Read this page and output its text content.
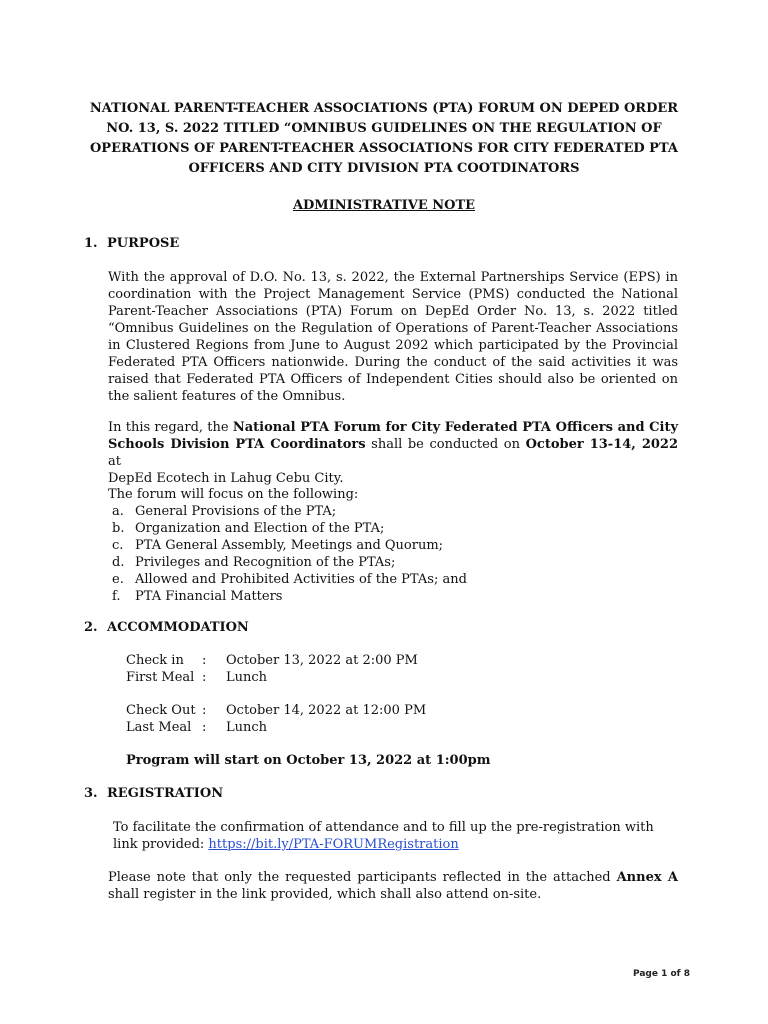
NATIONAL PARENT-TEACHER ASSOCIATIONS (PTA) FORUM ON DEPED ORDER
NO. 13, S. 2022 TITLED “OMNIBUS GUIDELINES ON THE REGULATION OF
OPERATIONS OF PARENT-TEACHER ASSOCIATIONS FOR CITY FEDERATED PTA
OFFICERS AND CITY DIVISION PTA COOTDINATORS
ADMINISTRATIVE NOTE
1. PURPOSE
With the approval of D.O. No. 13, s. 2022, the External Partnerships Service (EPS) in
coordination with the Project Management Service (PMS) conducted the National
Parent-Teacher Associations (PTA) Forum on DepEd Order No. 13, s. 2022 titled
“Omnibus Guidelines on the Regulation of Operations of Parent-Teacher Associations
in Clustered Regions from June to August 2092 which participated by the Provincial
Federated PTA Officers nationwide. During the conduct of the said activities it was
raised that Federated PTA Officers of Independent Cities should also be oriented on
the salient features of the Omnibus.
In this regard, the National PTA Forum for City Federated PTA Officers and City
Schools Division PTA Coordinators shall be conducted on October 13-14, 2022 at
DepEd Ecotech in Lahug Cebu City.
The forum will focus on the following:
a. General Provisions of the PTA;
b. Organization and Election of the PTA;
c. PTA General Assembly, Meetings and Quorum;
d. Privileges and Recognition of the PTAs;
e. Allowed and Prohibited Activities of the PTAs; and
f. PTA Financial Matters
2. ACCOMMODATION
Check in : October 13, 2022 at 2:00 PM
First Meal : Lunch
Check Out : October 14, 2022 at 12:00 PM
Last Meal : Lunch
Program will start on October 13, 2022 at 1:00pm
3. REGISTRATION
To facilitate the confirmation of attendance and to fill up the pre-registration with
link provided: https://bit.ly/PTA-FORUMRegistration
Please note that only the requested participants reflected in the attached Annex A
shall register in the link provided, which shall also attend on-site.
Page 1 of 8
